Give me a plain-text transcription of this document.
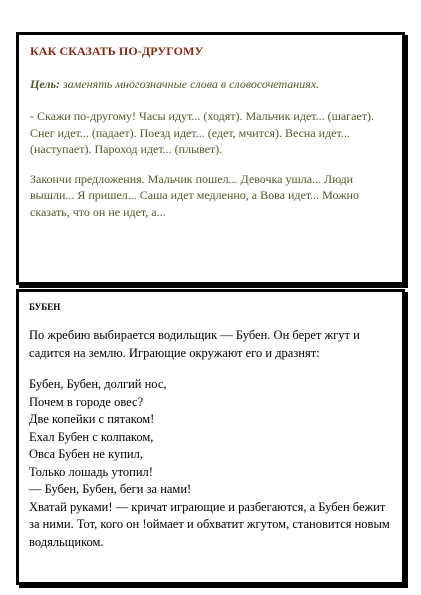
КАК СКАЗАТЬ ПО-ДРУГОМУ
Цель: заменять многозначные слова в словосочетаниях.
- Скажи по-другому! Часы идут... (ходят). Мальчик идет... (шагает). Снег идет... (падает). Поезд идет... (едет, мчится). Весна идет... (наступает). Пароход идет... (плывет).
Закончи предложения. Мальчик пошел... Девочка ушла... Люди вышли... Я пришел... Саша идет медленно, а Вова идет... Можно сказать, что он не идет, а...
БУБЕН
По жребию выбирается водильщик — Бубен. Он берет жгут и садится на землю. Играющие окружают его и дразнят:
Бубен, Бубен, долгий нос,
Почем в городе овес?
Две копейки с пятаком!
Ехал Бубен с колпаком,
Овса Бубен не купил,
Только лошадь утопил!
— Бубен, Бубен, беги за нами!
Хватай руками! — кричат играющие и разбегаются, а Бубен бежит за ними. Тот, кого он !оймает и обхватит жгутом, становится новым водяльщиком.
